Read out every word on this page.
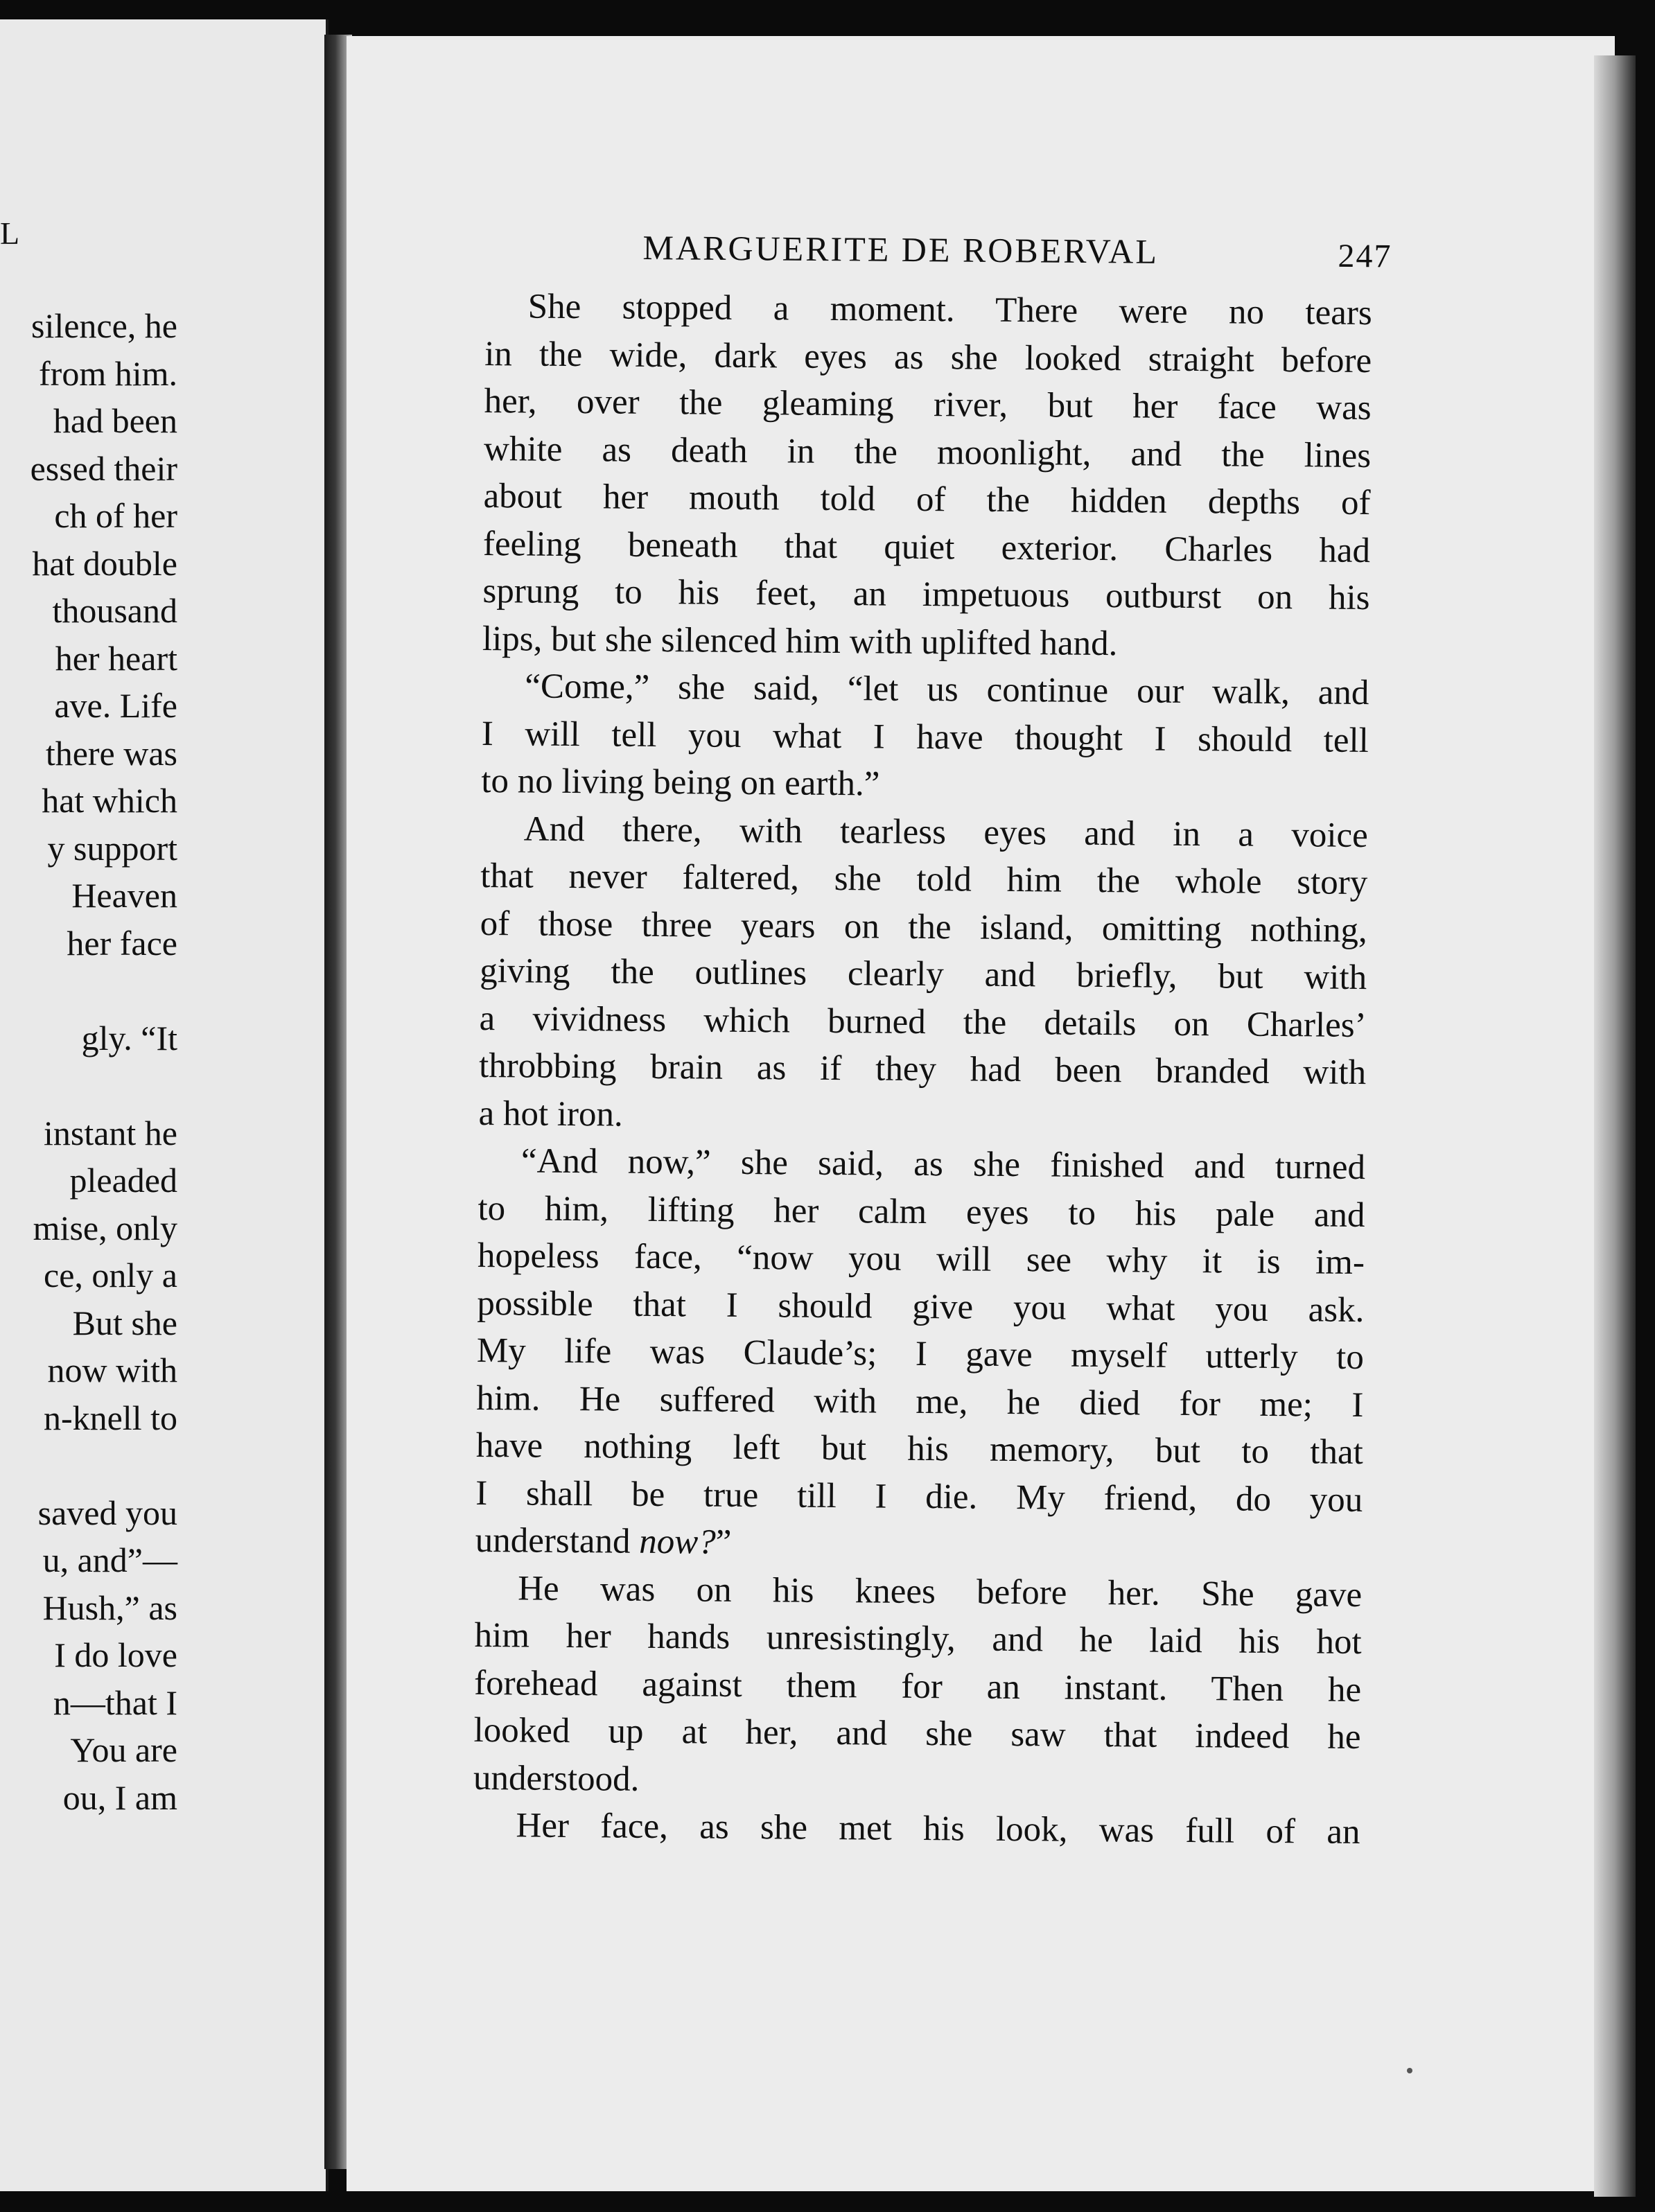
L
silence, he
from him.
had been
essed their
ch of her
hat double
thousand
her heart
ave. Life
there was
hat which
y support
Heaven
her face
gly. “It
instant he
pleaded
mise, only
ce, only a
But she
now with
n-knell to
saved you
u, and”—
Hush,” as
I do love
n—that I
You are
ou, I am
MARGUERITE DE ROBERVAL	247
She stopped a moment. There were no tears
in the wide, dark eyes as she looked straight before
her, over the gleaming river, but her face was
white as death in the moonlight, and the lines
about her mouth told of the hidden depths of
feeling beneath that quiet exterior. Charles had
sprung to his feet, an impetuous outburst on his
lips, but she silenced him with uplifted hand.
“Come,” she said, “let us continue our walk, and
I will tell you what I have thought I should tell
to no living being on earth.”
And there, with tearless eyes and in a voice
that never faltered, she told him the whole story
of those three years on the island, omitting nothing,
giving the outlines clearly and briefly, but with
a vividness which burned the details on Charles’
throbbing brain as if they had been branded with
a hot iron.
“And now,” she said, as she finished and turned
to him, lifting her calm eyes to his pale and
hopeless face, “now you will see why it is im-
possible that I should give you what you ask.
My life was Claude’s; I gave myself utterly to
him. He suffered with me, he died for me; I
have nothing left but his memory, but to that
I shall be true till I die. My friend, do you
understand now?”
He was on his knees before her. She gave
him her hands unresistingly, and he laid his hot
forehead against them for an instant. Then he
looked up at her, and she saw that indeed he
understood.
Her face, as she met his look, was full of an
